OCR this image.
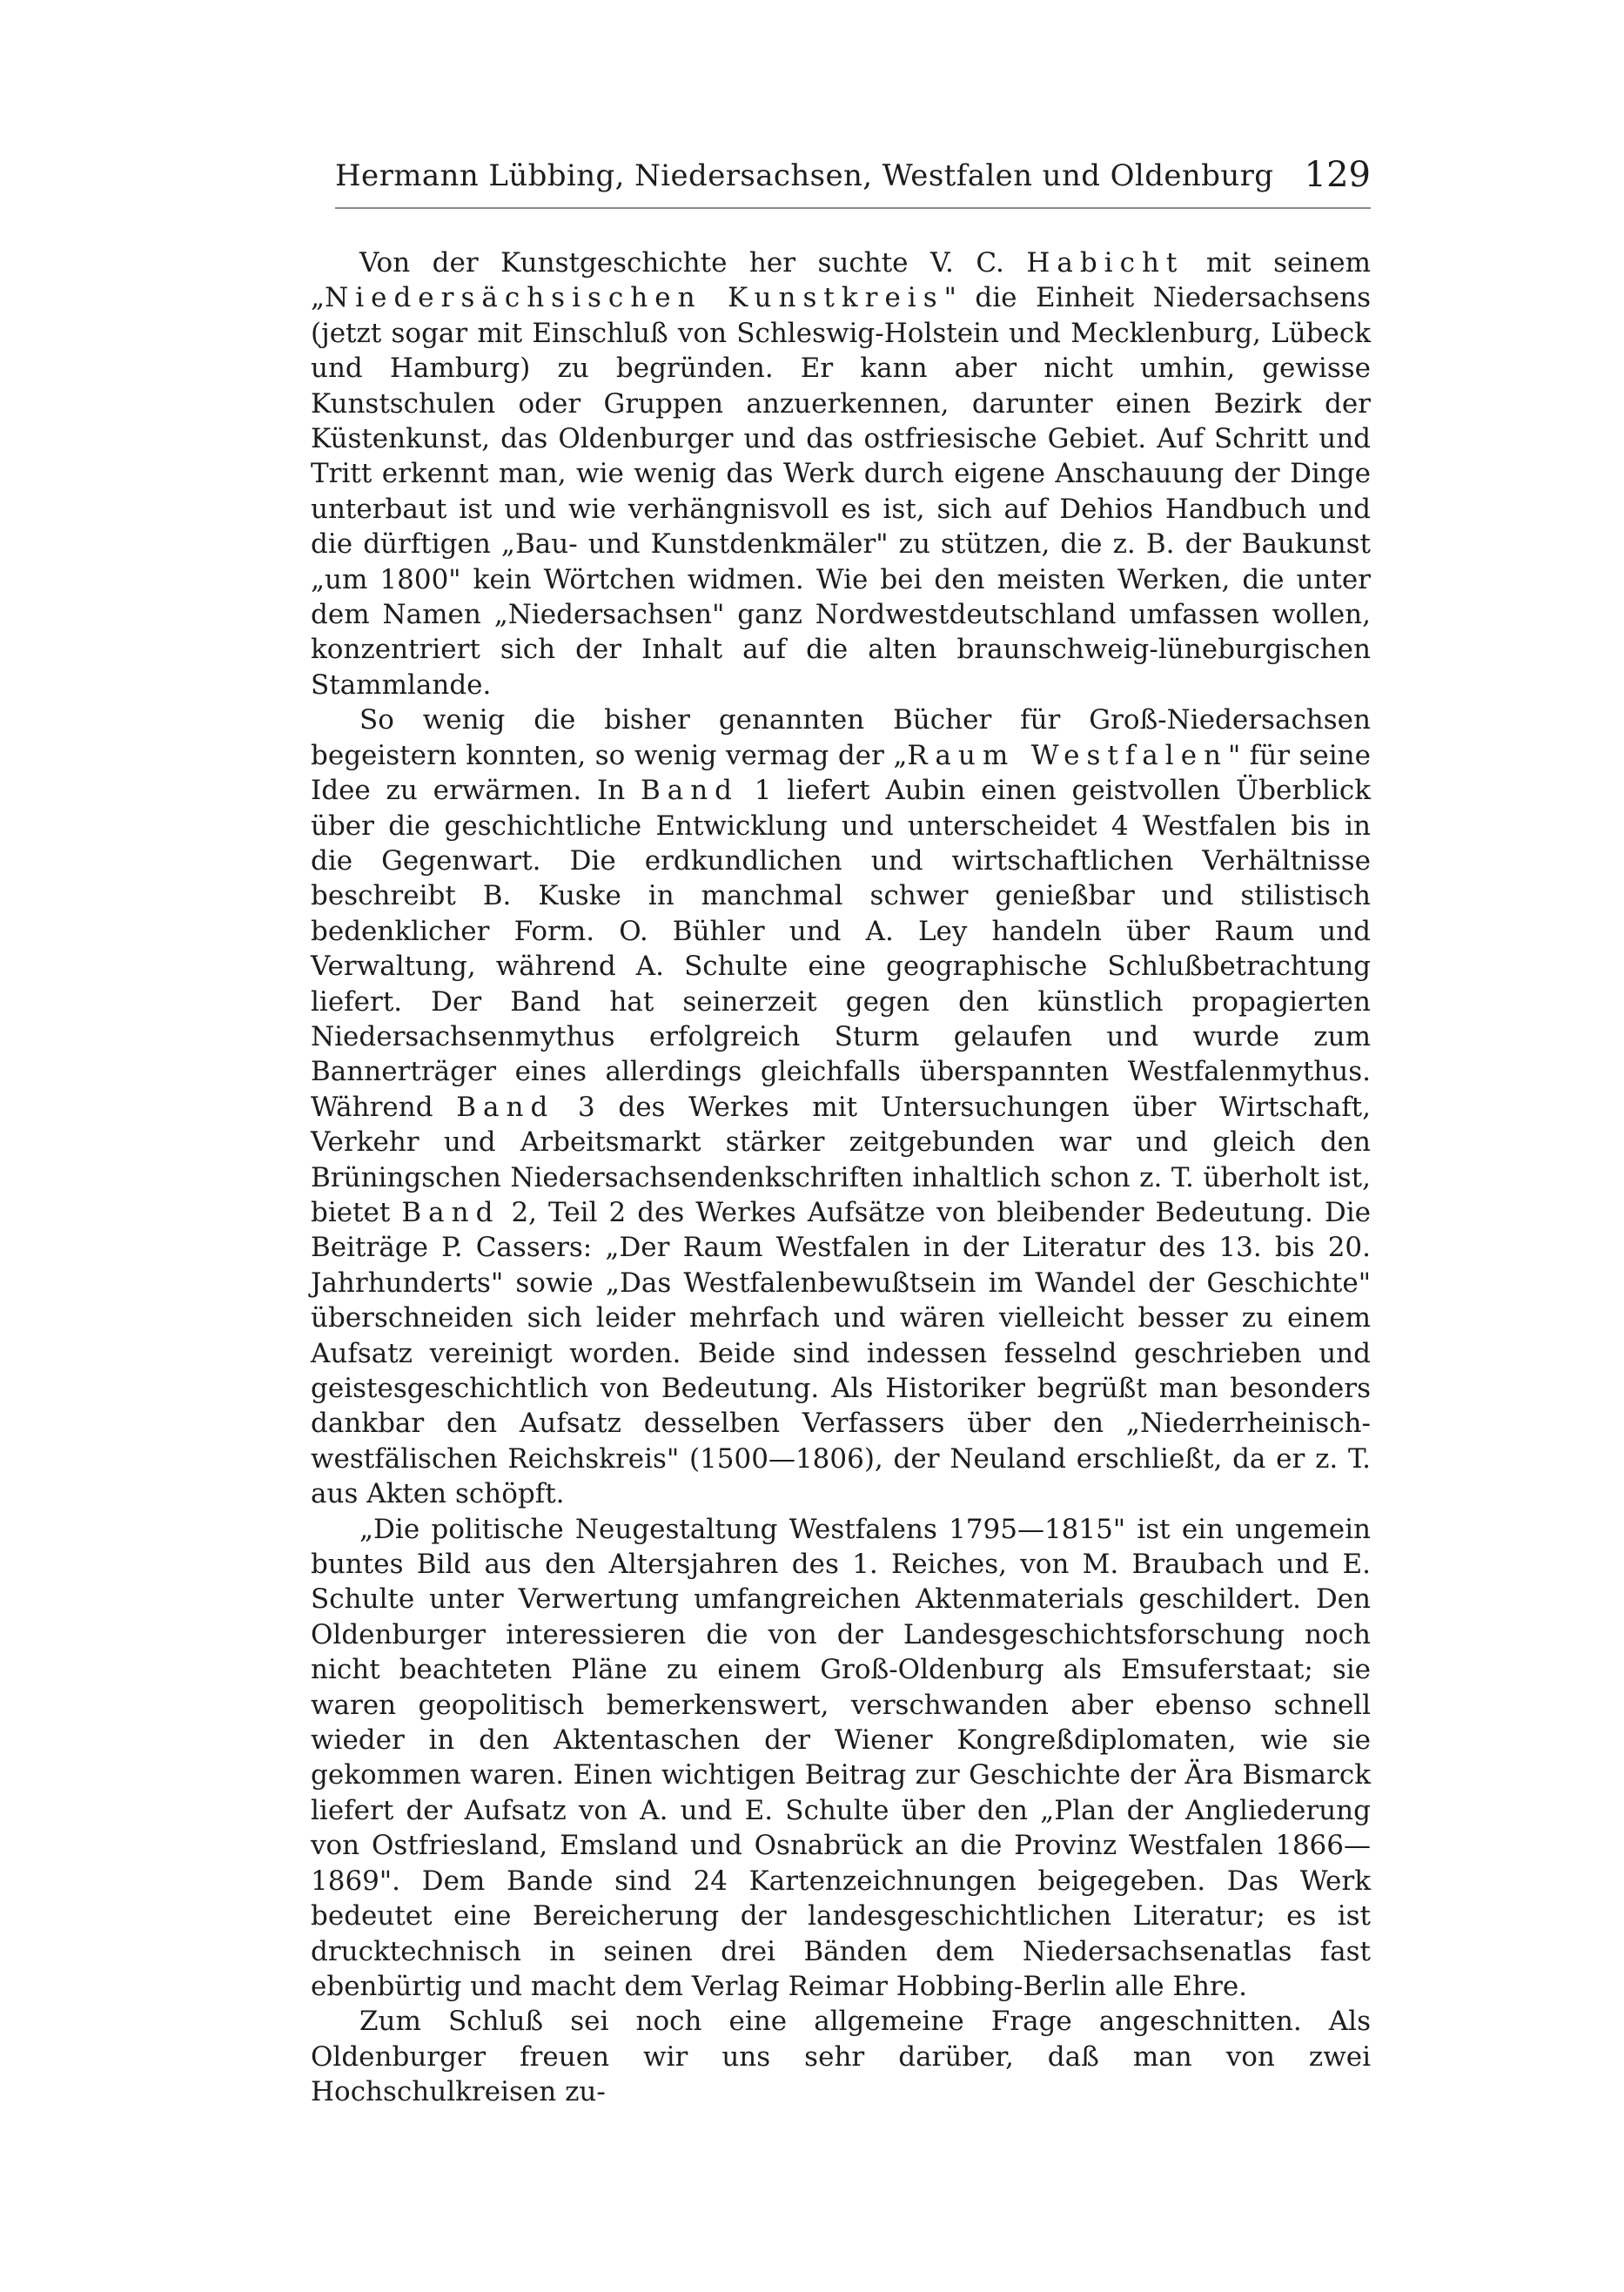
Hermann Lübbing, Niedersachsen, Westfalen und Oldenburg 129

Von der Kunstgeschichte her suchte V. C. Habicht mit seinem „Niedersächsischen Kunstkreis" die Einheit Niedersachsens (jetzt sogar mit Einschluß von Schleswig-Holstein und Mecklenburg, Lübeck und Hamburg) zu begründen. Er kann aber nicht umhin, gewisse Kunstschulen oder Gruppen anzuerkennen, darunter einen Bezirk der Küstenkunst, das Oldenburger und das ostfriesische Gebiet. Auf Schritt und Tritt erkennt man, wie wenig das Werk durch eigene Anschauung der Dinge unterbaut ist und wie verhängnisvoll es ist, sich auf Dehios Handbuch und die dürftigen „Bau- und Kunstdenkmäler" zu stützen, die z. B. der Baukunst „um 1800" kein Wörtchen widmen. Wie bei den meisten Werken, die unter dem Namen „Niedersachsen" ganz Nordwestdeutschland umfassen wollen, konzentriert sich der Inhalt auf die alten braunschweig-lüneburgischen Stammlande.

So wenig die bisher genannten Bücher für Groß-Niedersachsen begeistern konnten, so wenig vermag der „Raum Westfalen" für seine Idee zu erwärmen. In Band 1 liefert Aubin einen geistvollen Überblick über die geschichtliche Entwicklung und unterscheidet 4 Westfalen bis in die Gegenwart. Die erdkundlichen und wirtschaftlichen Verhältnisse beschreibt B. Kuske in manchmal schwer genießbar und stilistisch bedenklicher Form. O. Bühler und A. Ley handeln über Raum und Verwaltung, während A. Schulte eine geographische Schlußbetrachtung liefert. Der Band hat seinerzeit gegen den künstlich propagierten Niedersachsenmythus erfolgreich Sturm gelaufen und wurde zum Bannerträger eines allerdings gleichfalls überspannten Westfalenmythus. Während Band 3 des Werkes mit Untersuchungen über Wirtschaft, Verkehr und Arbeitsmarkt stärker zeitgebunden war und gleich den Brüningschen Niedersachsendenkschriften inhaltlich schon z. T. überholt ist, bietet Band 2, Teil 2 des Werkes Aufsätze von bleibender Bedeutung. Die Beiträge P. Cassers: „Der Raum Westfalen in der Literatur des 13. bis 20. Jahrhunderts" sowie „Das Westfalenbewußtsein im Wandel der Geschichte" überschneiden sich leider mehrfach und wären vielleicht besser zu einem Aufsatz vereinigt worden. Beide sind indessen fesselnd geschrieben und geistesgeschichtlich von Bedeutung. Als Historiker begrüßt man besonders dankbar den Aufsatz desselben Verfassers über den „Niederrheinisch-westfälischen Reichskreis" (1500—1806), der Neuland erschließt, da er z. T. aus Akten schöpft.

„Die politische Neugestaltung Westfalens 1795—1815" ist ein ungemein buntes Bild aus den Altersjahren des 1. Reiches, von M. Braubach und E. Schulte unter Verwertung umfangreichen Aktenmaterials geschildert. Den Oldenburger interessieren die von der Landesgeschichtsforschung noch nicht beachteten Pläne zu einem Groß-Oldenburg als Emsuferstaat; sie waren geopolitisch bemerkenswert, verschwanden aber ebenso schnell wieder in den Aktentaschen der Wiener Kongreßdiplomaten, wie sie gekommen waren. Einen wichtigen Beitrag zur Geschichte der Ära Bismarck liefert der Aufsatz von A. und E. Schulte über den „Plan der Angliederung von Ostfriesland, Emsland und Osnabrück an die Provinz Westfalen 1866—1869". Dem Bande sind 24 Kartenzeichnungen beigegeben. Das Werk bedeutet eine Bereicherung der landesgeschichtlichen Literatur; es ist drucktechnisch in seinen drei Bänden dem Niedersachsenatlas fast ebenbürtig und macht dem Verlag Reimar Hobbing-Berlin alle Ehre.

Zum Schluß sei noch eine allgemeine Frage angeschnitten. Als Oldenburger freuen wir uns sehr darüber, daß man von zwei Hochschulkreisen zu-
